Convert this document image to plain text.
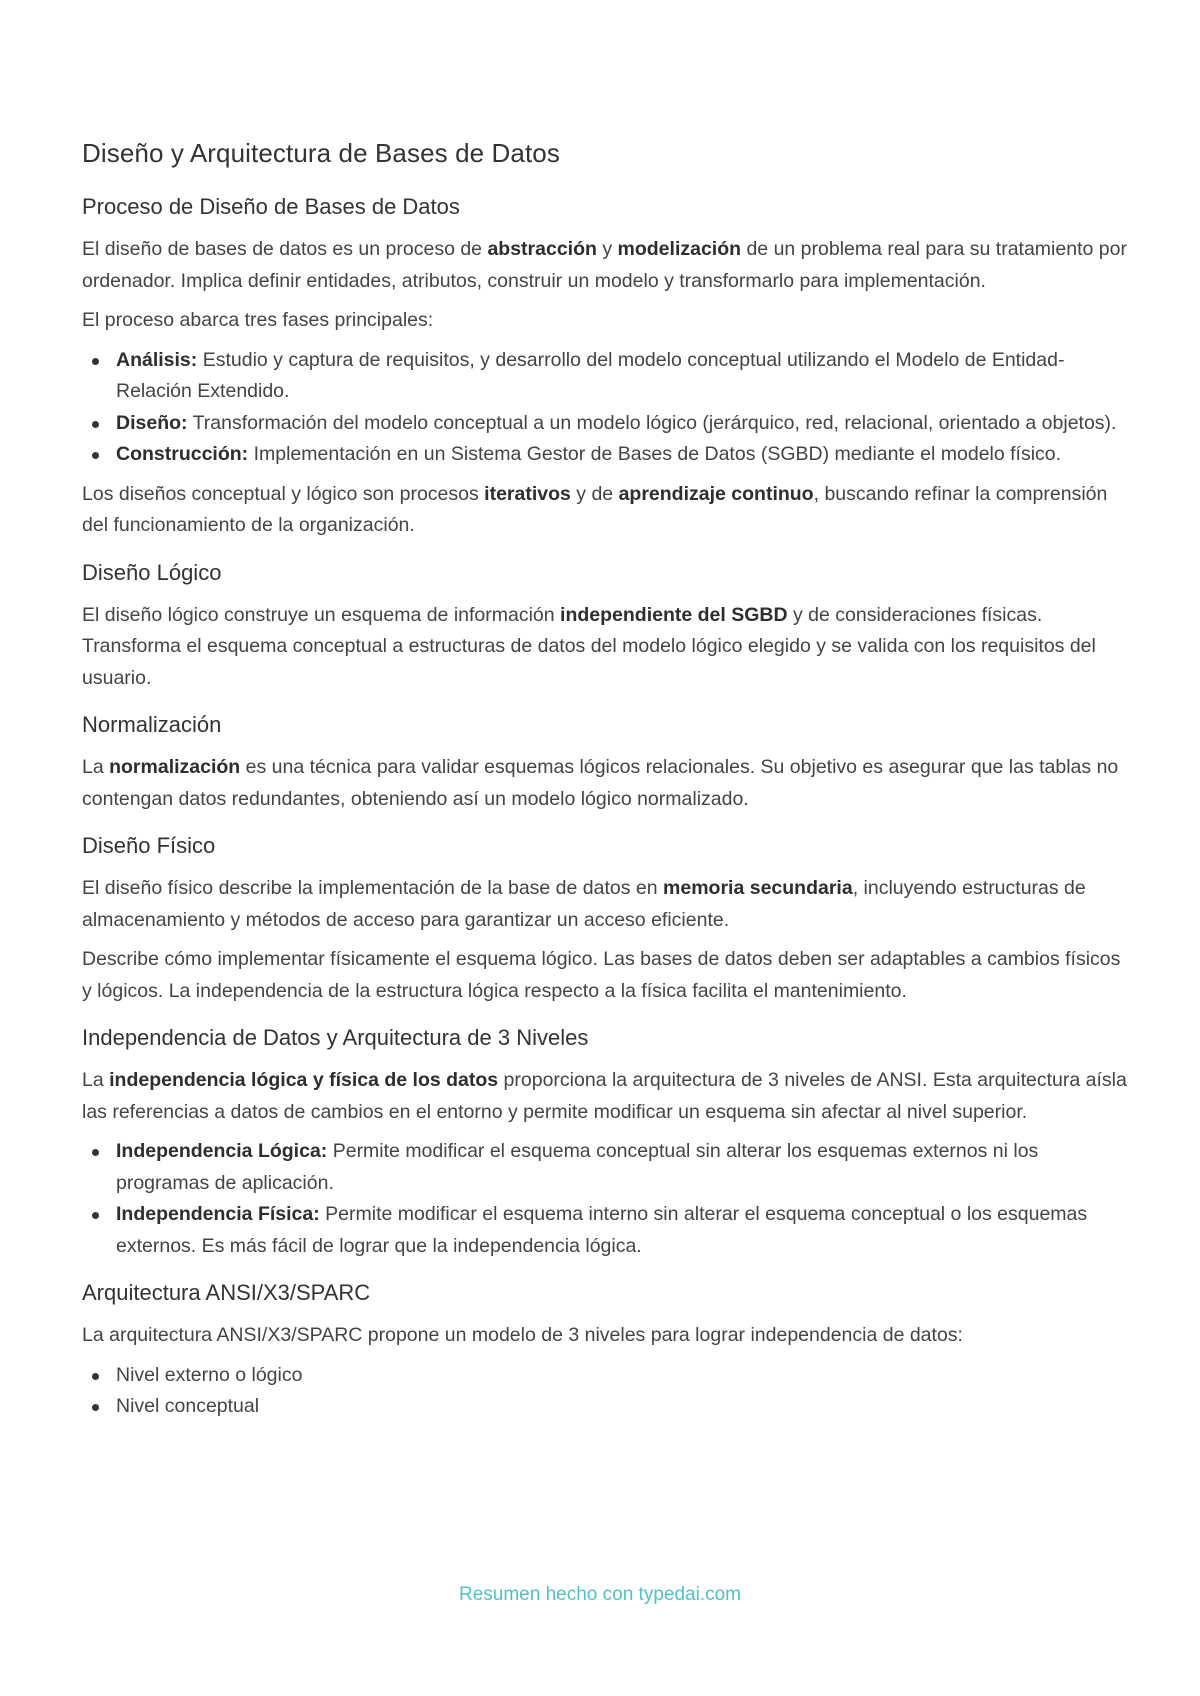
Diseño y Arquitectura de Bases de Datos
Proceso de Diseño de Bases de Datos

El diseño de bases de datos es un proceso de abstracción y modelización de un problema real para su tratamiento por ordenador. Implica definir entidades, atributos, construir un modelo y transformarlo para implementación.

El proceso abarca tres fases principales:

Análisis: Estudio y captura de requisitos, y desarrollo del modelo conceptual utilizando el Modelo de Entidad-Relación Extendido.
Diseño: Transformación del modelo conceptual a un modelo lógico (jerárquico, red, relacional, orientado a objetos).
Construcción: Implementación en un Sistema Gestor de Bases de Datos (SGBD) mediante el modelo físico.

Los diseños conceptual y lógico son procesos iterativos y de aprendizaje continuo, buscando refinar la comprensión del funcionamiento de la organización.

Diseño Lógico

El diseño lógico construye un esquema de información independiente del SGBD y de consideraciones físicas. Transforma el esquema conceptual a estructuras de datos del modelo lógico elegido y se valida con los requisitos del usuario.

Normalización

La normalización es una técnica para validar esquemas lógicos relacionales. Su objetivo es asegurar que las tablas no contengan datos redundantes, obteniendo así un modelo lógico normalizado.

Diseño Físico

El diseño físico describe la implementación de la base de datos en memoria secundaria, incluyendo estructuras de almacenamiento y métodos de acceso para garantizar un acceso eficiente.

Describe cómo implementar físicamente el esquema lógico. Las bases de datos deben ser adaptables a cambios físicos y lógicos. La independencia de la estructura lógica respecto a la física facilita el mantenimiento.

Independencia de Datos y Arquitectura de 3 Niveles

La independencia lógica y física de los datos proporciona la arquitectura de 3 niveles de ANSI. Esta arquitectura aísla las referencias a datos de cambios en el entorno y permite modificar un esquema sin afectar al nivel superior.

Independencia Lógica: Permite modificar el esquema conceptual sin alterar los esquemas externos ni los programas de aplicación.
Independencia Física: Permite modificar el esquema interno sin alterar el esquema conceptual o los esquemas externos. Es más fácil de lograr que la independencia lógica.
Arquitectura ANSI/X3/SPARC

La arquitectura ANSI/X3/SPARC propone un modelo de 3 niveles para lograr independencia de datos:

Nivel externo o lógico
Nivel conceptual
Resumen hecho con typedai.com
